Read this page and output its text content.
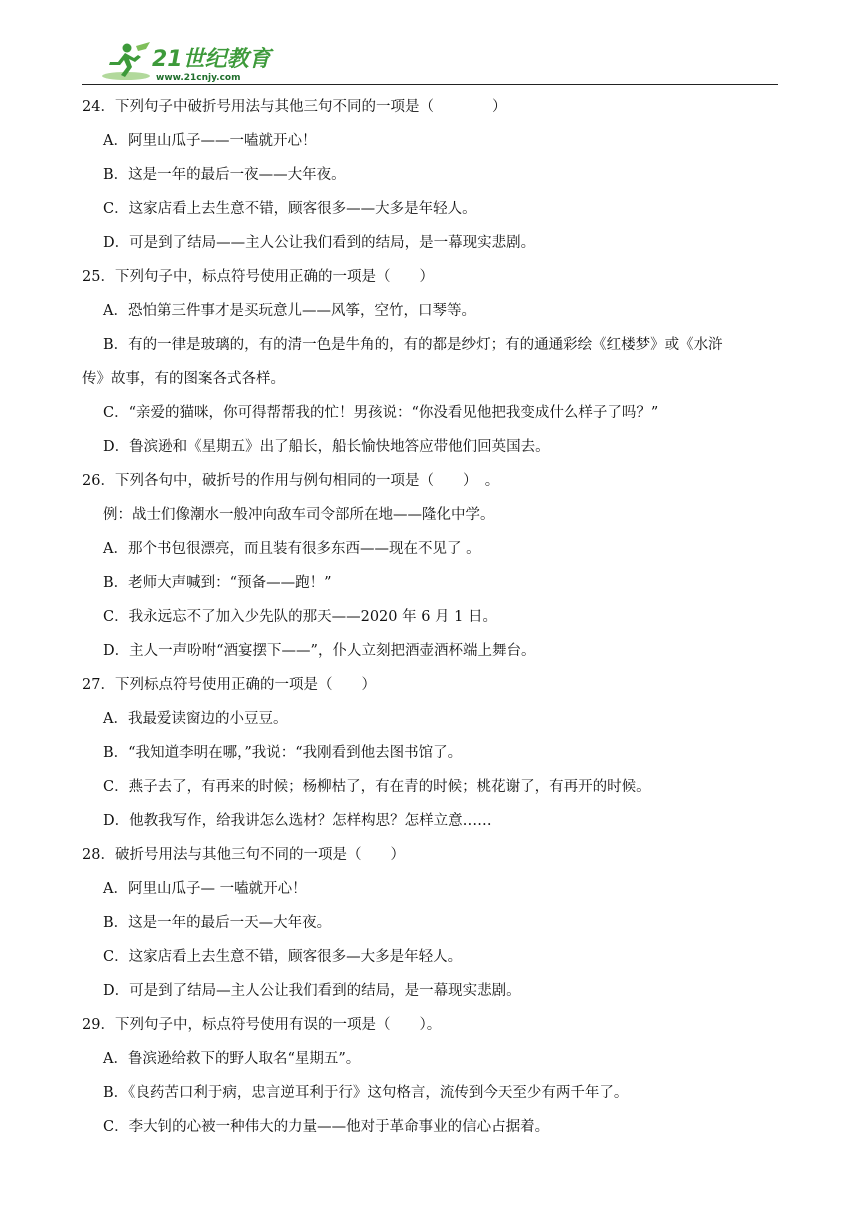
21世纪教育
www.21cnjy.com
24．下列句子中破折号用法与其他三句不同的一项是（　　　　）
A．阿里山瓜子——一嗑就开心！
B．这是一年的最后一夜——大年夜。
C．这家店看上去生意不错，顾客很多——大多是年轻人。
D．可是到了结局——主人公让我们看到的结局，是一幕现实悲剧。
25．下列句子中，标点符号使用正确的一项是（　　）
A．恐怕第三件事才是买玩意儿——风筝，空竹，口琴等。
B．有的一律是玻璃的，有的清一色是牛角的，有的都是纱灯；有的通通彩绘《红楼梦》或《水浒
传》故事，有的图案各式各样。
C．“亲爱的猫咪，你可得帮帮我的忙！男孩说：“你没看见他把我变成什么样子了吗？”
D．鲁滨逊和《星期五》出了船长，船长愉快地答应带他们回英国去。
26．下列各句中，破折号的作用与例句相同的一项是（　　）　。
例：战士们像潮水一般冲向敌车司令部所在地——隆化中学。
A．那个书包很漂亮，而且装有很多东西——现在不见了 。
B．老师大声喊到：“预备——跑！”
C．我永远忘不了加入少先队的那天——2020 年 6 月 1 日。
D．主人一声吩咐“酒宴摆下——”，仆人立刻把酒壶酒杯端上舞台。
27．下列标点符号使用正确的一项是（　　）
A．我最爱读窗边的小豆豆。
B．“我知道李明在哪，”我说：“我刚看到他去图书馆了。
C．燕子去了，有再来的时候；杨柳枯了，有在青的时候；桃花谢了，有再开的时候。
D．他教我写作，给我讲怎么选材？怎样构思？怎样立意……
28．破折号用法与其他三句不同的一项是（　　）
A．阿里山瓜子— 一嗑就开心！
B．这是一年的最后一天—大年夜。
C．这家店看上去生意不错，顾客很多—大多是年轻人。
D．可是到了结局—主人公让我们看到的结局，是一幕现实悲剧。
29．下列句子中，标点符号使用有误的一项是（　　）。
A．鲁滨逊给救下的野人取名“星期五”。
B．《良药苦口利于病，忠言逆耳利于行》这句格言，流传到今天至少有两千年了。
C．李大钊的心被一种伟大的力量——他对于革命事业的信心占据着。
